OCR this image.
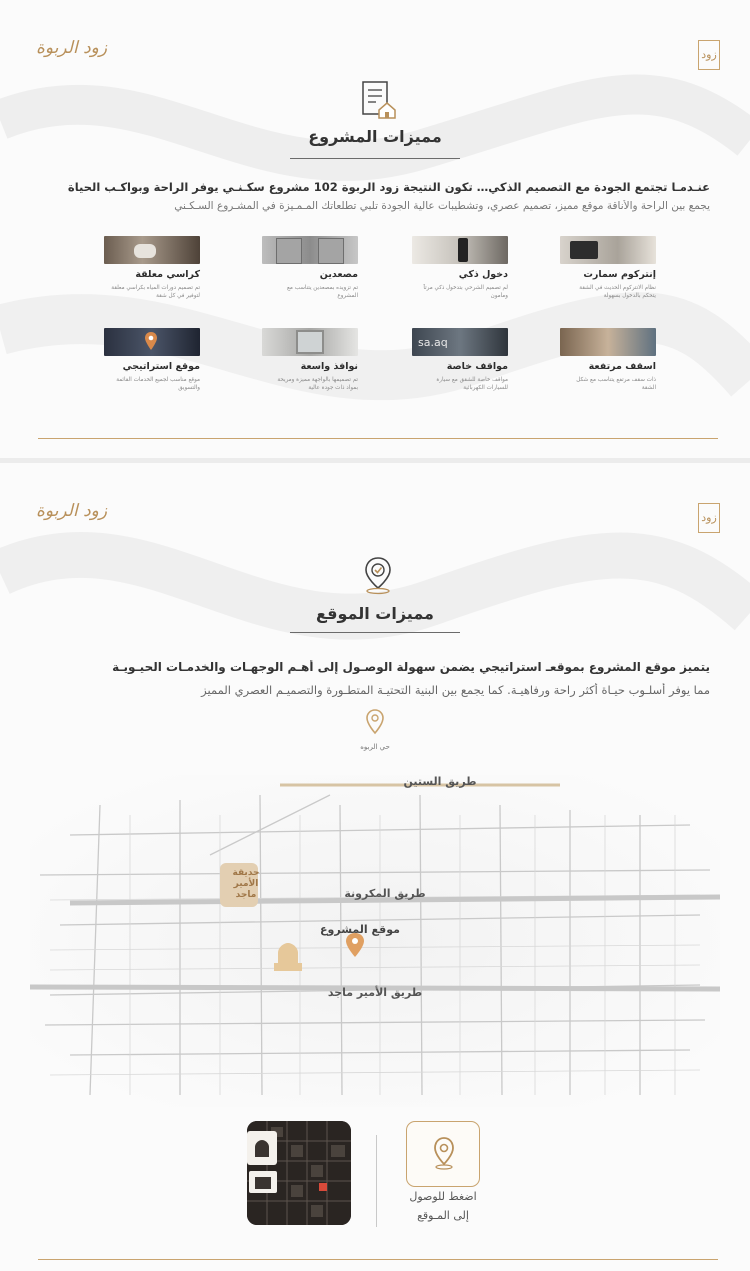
زود الربوة	زود
مميزات المشروع
عنـدمـا تجتمع الجودة مع التصميم الذكي… تكون النتيجة زود الربوة 102 مشروع سكـنـي يوفر الراحة وبواكـب الحياة
يجمع بين الراحة والأناقة موقع مميز، تصميم عصري، وتشطيبات عالية الجودة تلبي تطلعاتك المـمـيزة في المشـروع السـكـني
إنتركوم سمارت
نظام الانتركوم الحديث في الشقة
يتحكم بالدخول بسهولة
دخول ذكي
لم تصميم الشرحي بتدخول ذكي مرتاً
ومأمون
مصعدين
تم تزويده بمصعدين يتناسب مع
المشروع
كراسي معلقة
تم تصميم دورات المياه بكراسي معلقة
لتوفير في كل شقة
اسقف مرتفعة
ذات سقف مرتفع يتناسب مع شكل
الشقة
sa.aq
مواقف خاصة
مواقف خاصة للشقق مع سيارة
للسيارات الكهربائية
نوافذ واسعة
تم تصميمها بالواجهة مميزة ومريحة
بمواد ذات جودة عالية
موقع استراتيجي
موقع مناسب لجميع الخدمات القائمة
والتسويق
زود الربوة	زود
مميزات الموقع
يتميز موقع المشروع بموقعـ استراتيجي يضمن سهولة الوصـول إلى أهـم الوجهـات والخدمـات الحيـويـة
مما يوفر أسلـوب حيـاة أكثر راحة ورفاهيـة. كما يجمع بين البنية التحتيـة المتطـورة والتصميـم العصري المميز
حي الربوه
طريق الستين
طريق المكرونة
طريق الأمير ماجد
موقع المشروع
حديقة
الأمير
ماجد
اضغط للوصول
إلى المـوقع
